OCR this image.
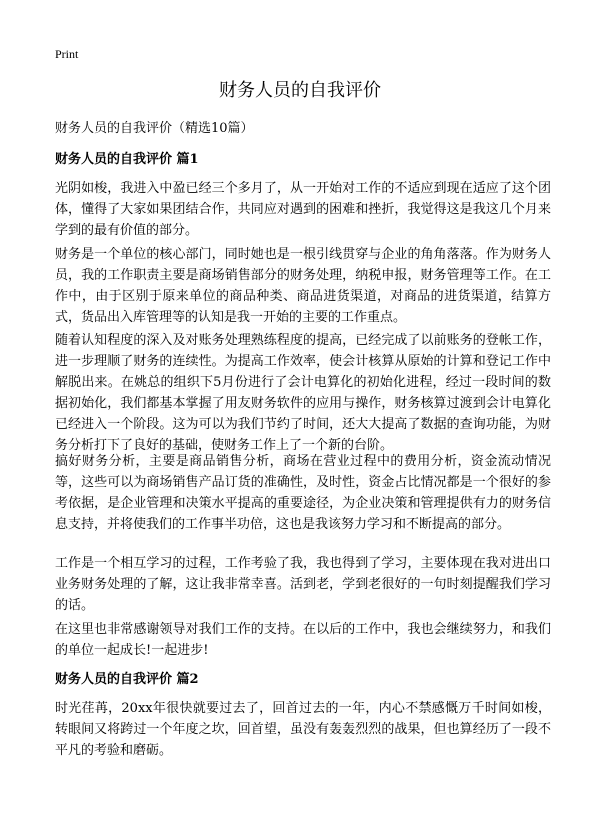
Print
财务人员的自我评价

财务人员的自我评价（精选10篇）

财务人员的自我评价 篇1

光阴如梭，我进入中盈已经三个多月了，从一开始对工作的不适应到现在适应了这个团体，懂得了大家如果团结合作，共同应对遇到的困难和挫折，我觉得这是我这几个月来学到的最有价值的部分。

财务是一个单位的核心部门，同时她也是一根引线贯穿与企业的角角落落。作为财务人员，我的工作职责主要是商场销售部分的财务处理，纳税申报，财务管理等工作。在工作中，由于区别于原来单位的商品种类、商品进货渠道，对商品的进货渠道，结算方式，货品出入库管理等的认知是我一开始的主要的工作重点。

随着认知程度的深入及对账务处理熟练程度的提高，已经完成了以前账务的登帐工作，进一步理顺了财务的连续性。为提高工作效率，使会计核算从原始的计算和登记工作中解脱出来。在姚总的组织下5月份进行了会计电算化的初始化进程，经过一段时间的数据初始化，我们都基本掌握了用友财务软件的应用与操作，财务核算过渡到会计电算化已经进入一个阶段。这为可以为我们节约了时间，还大大提高了数据的查询功能，为财务分析打下了良好的基础，使财务工作上了一个新的台阶。

搞好财务分析，主要是商品销售分析，商场在营业过程中的费用分析，资金流动情况等，这些可以为商场销售产品订货的准确性，及时性，资金占比情况都是一个很好的参考依据，是企业管理和决策水平提高的重要途径，为企业决策和管理提供有力的财务信息支持，并将使我们的工作事半功倍，这也是我该努力学习和不断提高的部分。

工作是一个相互学习的过程，工作考验了我，我也得到了学习，主要体现在我对进出口业务财务处理的了解，这让我非常幸喜。活到老，学到老很好的一句时刻提醒我们学习的话。

在这里也非常感谢领导对我们工作的支持。在以后的工作中，我也会继续努力，和我们的单位一起成长!一起进步!

财务人员的自我评价 篇2

时光荏苒，20xx年很快就要过去了，回首过去的一年，内心不禁感慨万千时间如梭，转眼间又将跨过一个年度之坎，回首望，虽没有轰轰烈烈的战果，但也算经历了一段不平凡的考验和磨砺。
